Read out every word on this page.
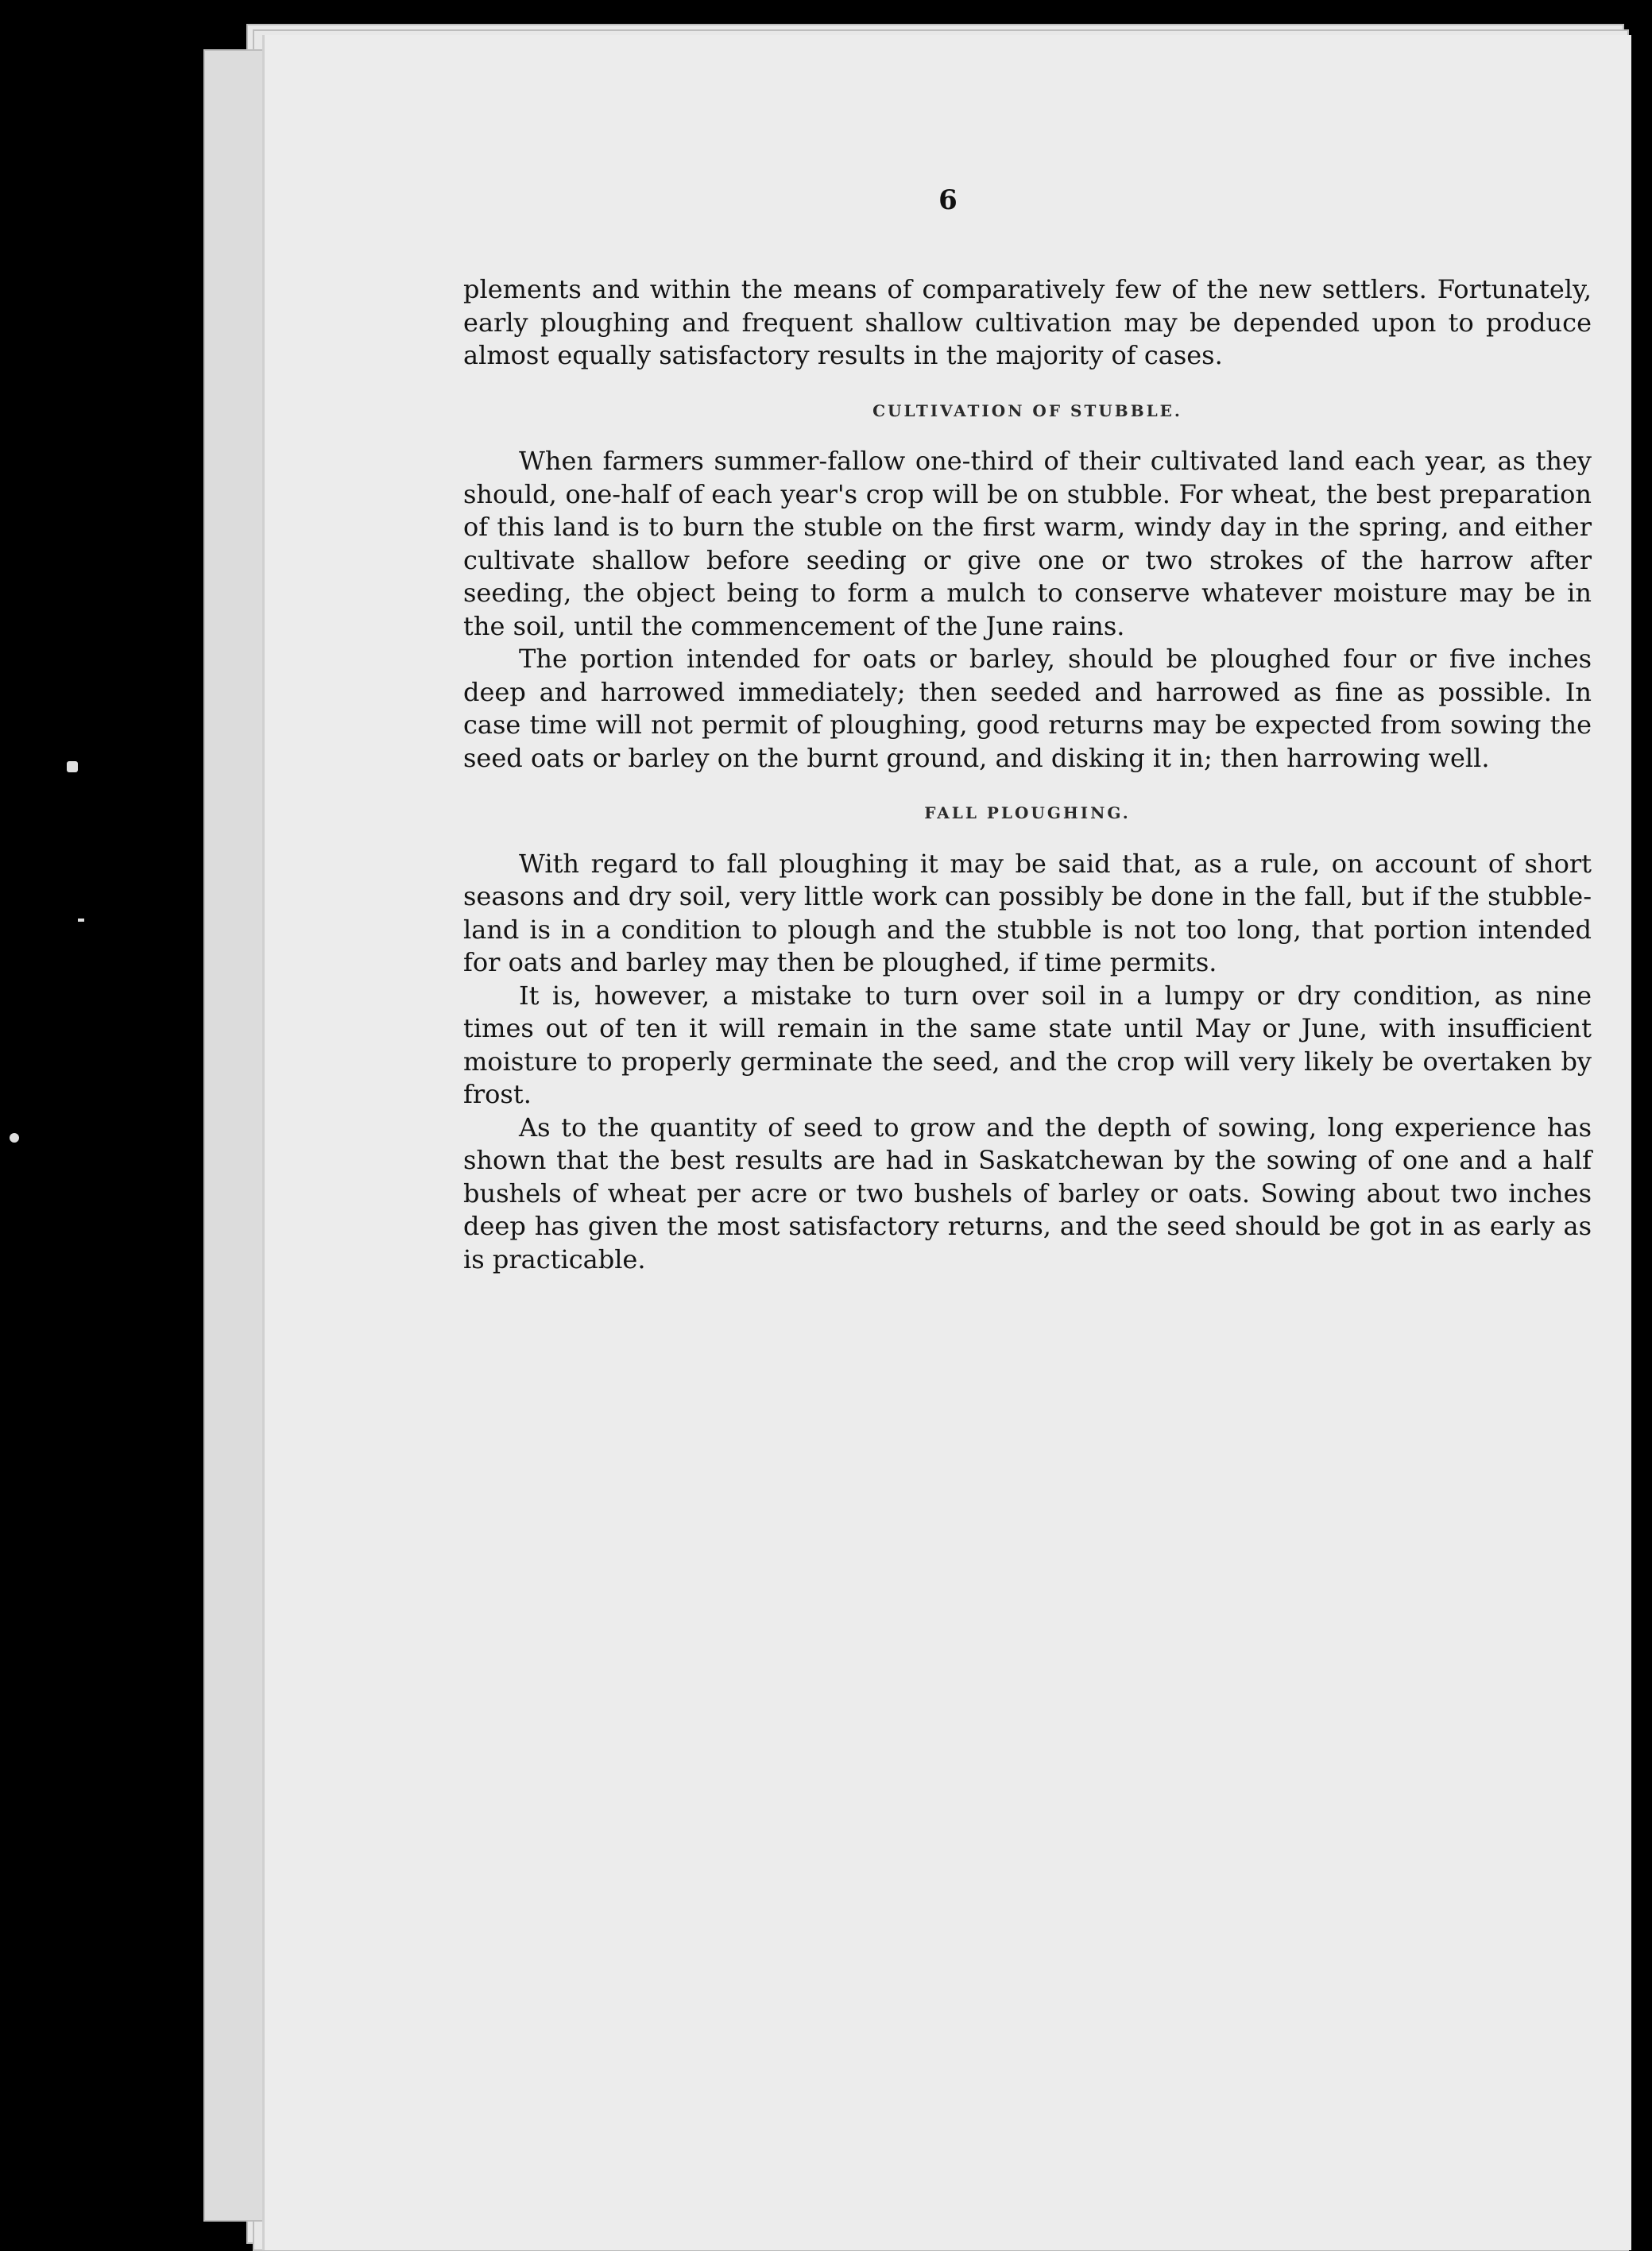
6

plements and within the means of comparatively few of the new settlers. Fortunately, early ploughing and frequent shallow cultivation may be depended upon to produce almost equally satisfactory results in the majority of cases.

CULTIVATION OF STUBBLE.

When farmers summer-fallow one-third of their cultivated land each year, as they should, one-half of each year's crop will be on stubble. For wheat, the best preparation of this land is to burn the stuble on the first warm, windy day in the spring, and either cultivate shallow before seeding or give one or two strokes of the harrow after seeding, the object being to form a mulch to conserve whatever moisture may be in the soil, until the commencement of the June rains.

The portion intended for oats or barley, should be ploughed four or five inches deep and harrowed immediately; then seeded and harrowed as fine as possible. In case time will not permit of ploughing, good returns may be expected from sowing the seed oats or barley on the burnt ground, and disking it in; then harrowing well.

FALL PLOUGHING.

With regard to fall ploughing it may be said that, as a rule, on account of short seasons and dry soil, very little work can possibly be done in the fall, but if the stubble-land is in a condition to plough and the stubble is not too long, that portion intended for oats and barley may then be ploughed, if time permits.

It is, however, a mistake to turn over soil in a lumpy or dry condition, as nine times out of ten it will remain in the same state until May or June, with insufficient moisture to properly germinate the seed, and the crop will very likely be overtaken by frost.

As to the quantity of seed to grow and the depth of sowing, long experience has shown that the best results are had in Saskatchewan by the sowing of one and a half bushels of wheat per acre or two bushels of barley or oats. Sowing about two inches deep has given the most satisfactory returns, and the seed should be got in as early as is practicable.
